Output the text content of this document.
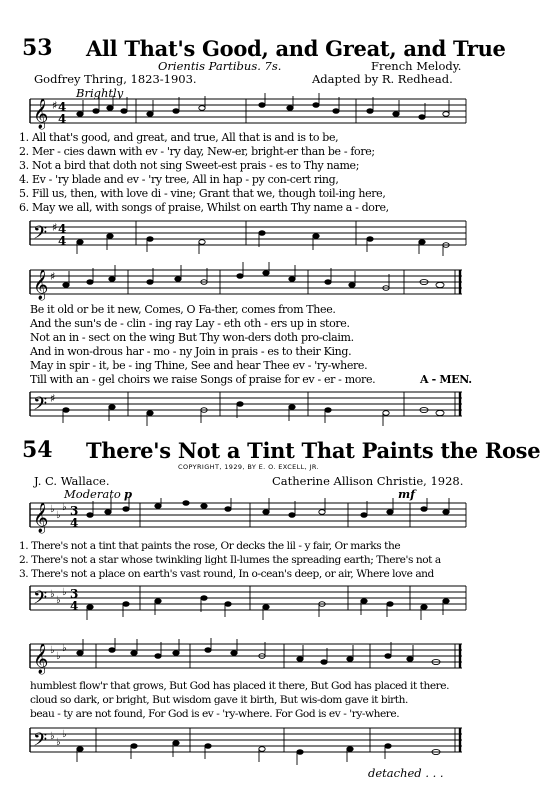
53 All That's Good, and Great, and True
Orientis Partibus. 7s.	French Melody.
Godfrey Thring, 1823-1903.	Adapted by R. Redhead.
Brightly
𝄞 ♯ 4
4
1. All that's good, and great, and true, All that is and is to be,
2. Mer - cies dawn with ev - 'ry day, New-er, bright-er than be - fore;
3. Not a bird that doth not sing Sweet-est prais - es to Thy name;
4. Ev - 'ry blade and ev - 'ry tree, All in hap - py con-cert ring,
5. Fill us, then, with love di - vine; Grant that we, though toil-ing here,
6. May we all, with songs of praise, Whilst on earth Thy name a - dore,
𝄢 ♯ 4
4
𝄞 ♯
Be it old or be it new, Comes, O Fa-ther, comes from Thee.
And the sun's de - clin - ing ray Lay - eth oth - ers up in store.
Not an in - sect on the wing But Thy won-ders doth pro-claim.
And in won-drous har - mo - ny Join in prais - es to their King.
May in spir - it, be - ing Thine, See and hear Thee ev - 'ry-where.
Till with an - gel choirs we raise Songs of praise for ev - er - more.	A - MEN.
𝄢 ♯
54 There's Not a Tint That Paints the Rose
COPYRIGHT, 1929, BY E. O. EXCELL, JR.
J. C. Wallace.	Catherine Allison Christie, 1928.
Moderato p	mf
𝄞 ♭
♭
♭ 3
4
1. There's not a tint that paints the rose, Or decks the lil - y fair, Or marks the
2. There's not a star whose twinkling light Il-lumes the spreading earth; There's not a
3. There's not a place on earth's vast round, In o-cean's deep, or air, Where love and
𝄢 ♭
♭
♭ 3
4
𝄞 ♭
♭
♭
humblest flow'r that grows, But God has placed it there, But God has placed it there.
cloud so dark, or bright, But wisdom gave it birth, But wis-dom gave it birth.
beau - ty are not found, For God is ev - 'ry-where. For God is ev - 'ry-where.
𝄢 ♭
♭
♭
detached . . .
